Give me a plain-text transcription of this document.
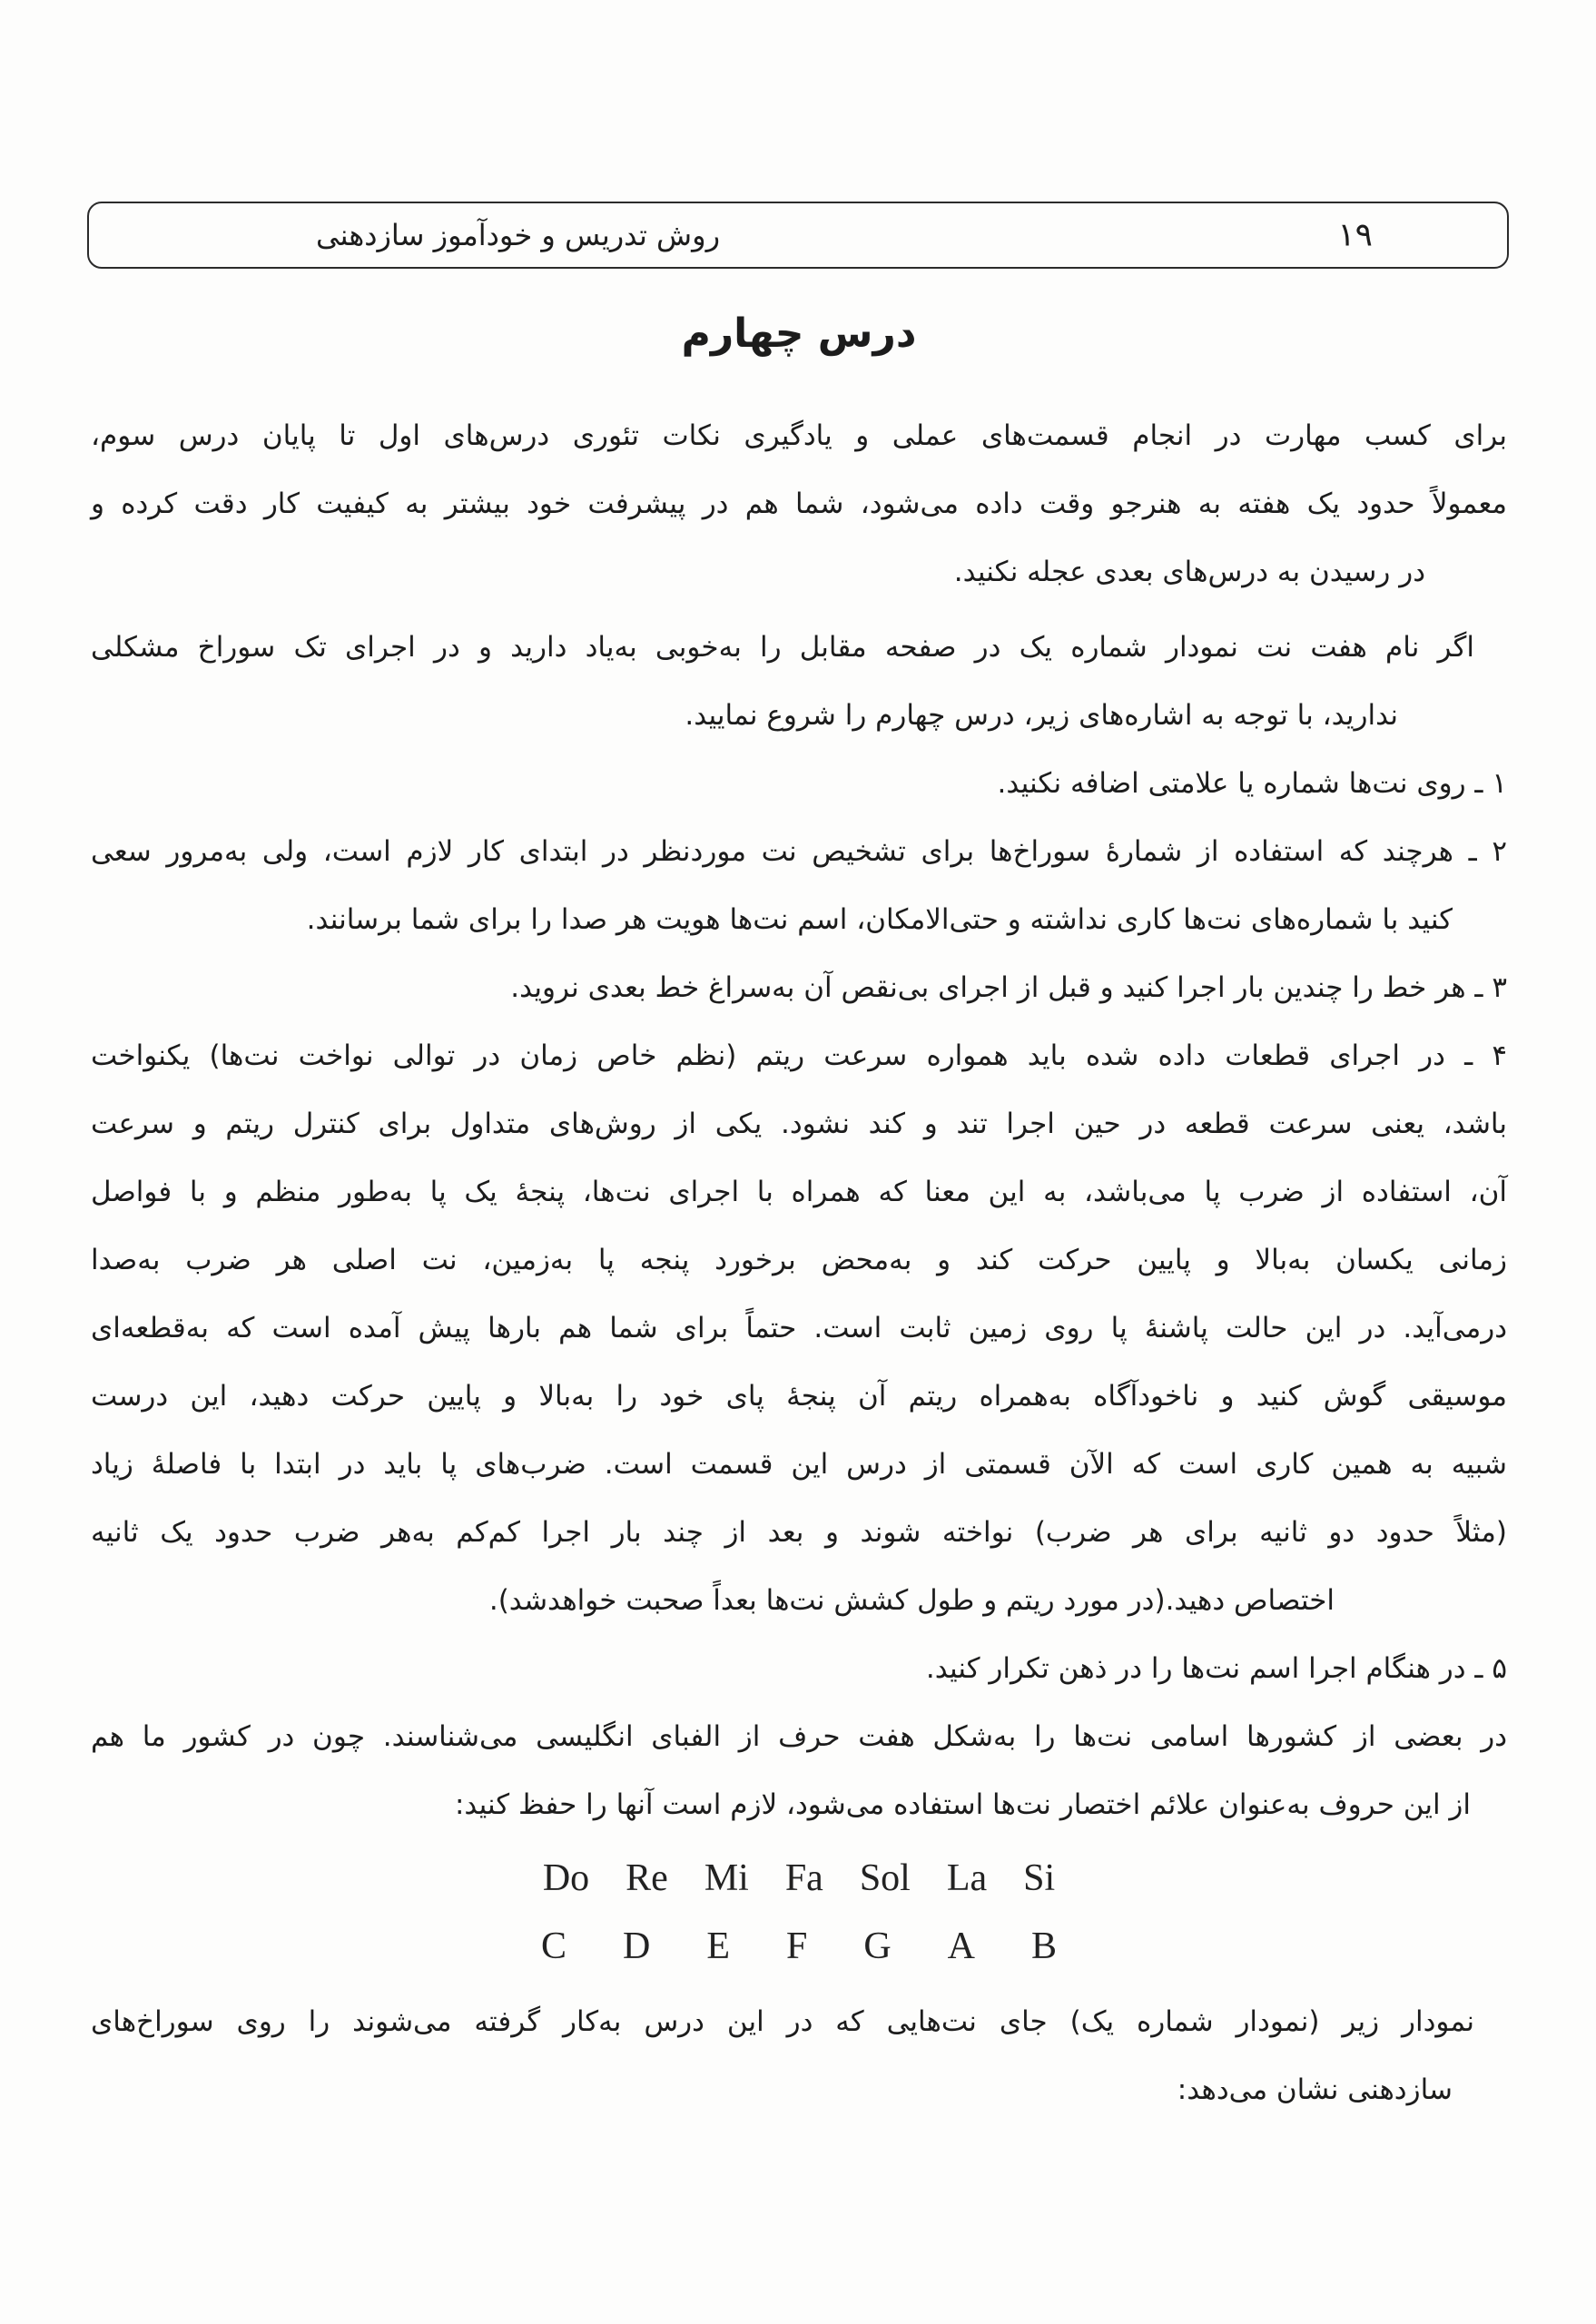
روش تدریس و خودآموز سازدهنی	۱۹
درس چهارم
برای کسب مهارت در انجام قسمت‌های عملی و یادگیری نکات تئوری درس‌های اول تا پایان درس سوم،
معمولاً حدود یک هفته به هنرجو وقت داده می‌شود، شما هم در پیشرفت خود بیشتر به کیفیت کار دقت کرده و
در رسیدن به درس‌های بعدی عجله نکنید.
اگر نام هفت نت نمودار شماره یک در صفحه مقابل را به‌خوبی به‌یاد دارید و در اجرای تک سوراخ مشکلی
ندارید، با توجه به اشاره‌های زیر، درس چهارم را شروع نمایید.
۱ ـ روی نت‌ها شماره یا علامتی اضافه نکنید.
۲ ـ هرچند که استفاده از شمارهٔ سوراخ‌ها برای تشخیص نت موردنظر در ابتدای کار لازم است، ولی به‌مرور سعی
کنید با شماره‌های نت‌ها کاری نداشته و حتی‌الامکان، اسم نت‌ها هویت هر صدا را برای شما برسانند.
۳ ـ هر خط را چندین بار اجرا کنید و قبل از اجرای بی‌نقص آن به‌سراغ خط بعدی نروید.
۴ ـ در اجرای قطعات داده شده باید همواره سرعت ریتم (نظم خاص زمان در توالی نواخت نت‌ها) یکنواخت
باشد، یعنی سرعت قطعه در حین اجرا تند و کند نشود. یکی از روش‌های متداول برای کنترل ریتم و سرعت
آن، استفاده از ضرب پا می‌باشد، به این معنا که همراه با اجرای نت‌ها، پنجهٔ یک پا به‌طور منظم و با فواصل
زمانی یکسان به‌بالا و پایین حرکت کند و به‌محض برخورد پنجه پا به‌زمین، نت اصلی هر ضرب به‌صدا
درمی‌آید. در این حالت پاشنهٔ پا روی زمین ثابت است. حتماً برای شما هم بارها پیش آمده است که به‌قطعه‌ای
موسیقی گوش کنید و ناخودآگاه به‌همراه ریتم آن پنجهٔ پای خود را به‌بالا و پایین حرکت دهید، این درست
شبیه به همین کاری است که الآن قسمتی از درس این قسمت است. ضرب‌های پا باید در ابتدا با فاصلهٔ زیاد
(مثلاً حدود دو ثانیه برای هر ضرب) نواخته شوند و بعد از چند بار اجرا کم‌کم به‌هر ضرب حدود یک ثانیه
اختصاص دهید.(در مورد ریتم و طول کشش نت‌ها بعداً صحبت خواهدشد).
۵ ـ در هنگام اجرا اسم نت‌ها را در ذهن تکرار کنید.
در بعضی از کشورها اسامی نت‌ها را به‌شکل هفت حرف از الفبای انگلیسی می‌شناسند. چون در کشور ما هم
از این حروف به‌عنوان علائم اختصار نت‌ها استفاده می‌شود، لازم است آنها را حفظ کنید:
Do Re Mi Fa Sol La Si
C D E F G A B
نمودار زیر (نمودار شماره یک) جای نت‌هایی که در این درس به‌کار گرفته می‌شوند را روی سوراخ‌های
سازدهنی نشان می‌دهد:
